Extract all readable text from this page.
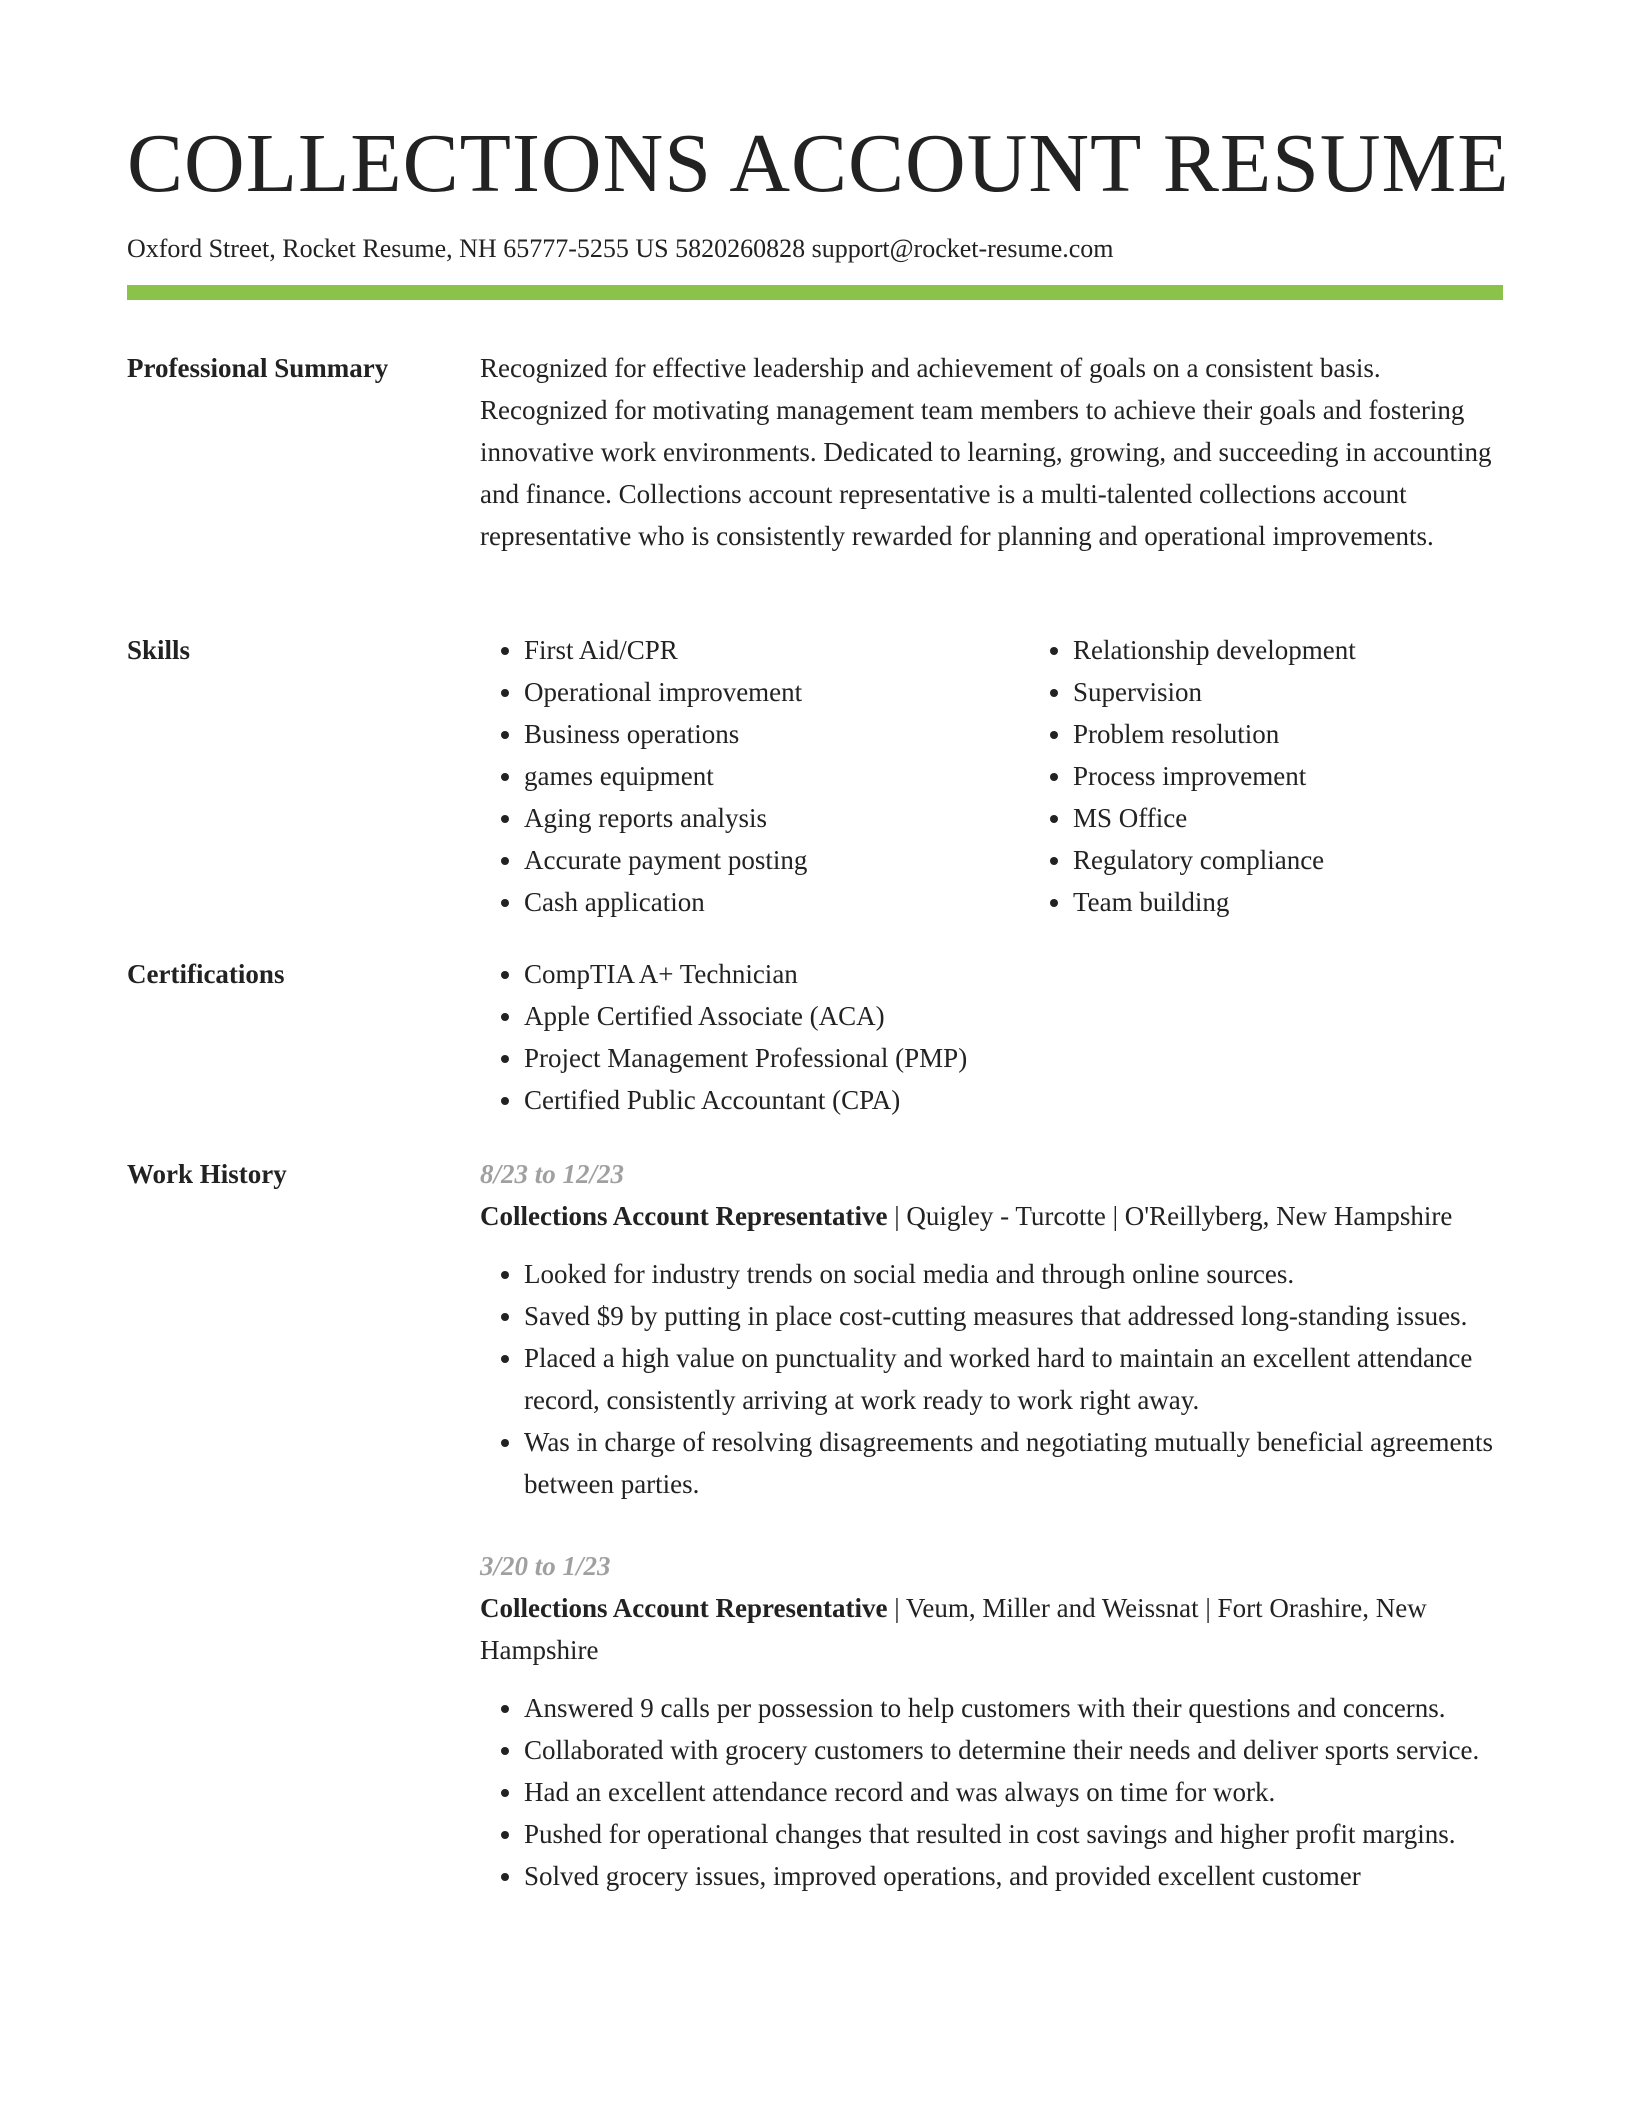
COLLECTIONS ACCOUNT RESUME
Oxford Street, Rocket Resume, NH 65777-5255 US 5820260828 support@rocket-resume.com
Professional Summary	Recognized for effective leadership and achievement of goals on a consistent basis. Recognized for motivating management team members to achieve their goals and fostering innovative work environments. Dedicated to learning, growing, and succeeding in accounting and finance. Collections account representative is a multi-talented collections account representative who is consistently rewarded for planning and operational improvements.

Skills	• First Aid/CPR
• Operational improvement
• Business operations
• games equipment
• Aging reports analysis
• Accurate payment posting
• Cash application
• Relationship development
• Supervision
• Problem resolution
• Process improvement
• MS Office
• Regulatory compliance
• Team building
Certifications	• CompTIA A+ Technician
• Apple Certified Associate (ACA)
• Project Management Professional (PMP)
• Certified Public Accountant (CPA)
Work History	8/23 to 12/23
Collections Account Representative | Quigley - Turcotte | O'Reillyberg, New Hampshire
• Looked for industry trends on social media and through online sources.
• Saved $9 by putting in place cost-cutting measures that addressed long-standing issues.
• Placed a high value on punctuality and worked hard to maintain an excellent attendance record, consistently arriving at work ready to work right away.
• Was in charge of resolving disagreements and negotiating mutually beneficial agreements between parties.
3/20 to 1/23
Collections Account Representative | Veum, Miller and Weissnat | Fort Orashire, New Hampshire
• Answered 9 calls per possession to help customers with their questions and concerns.
• Collaborated with grocery customers to determine their needs and deliver sports service.
• Had an excellent attendance record and was always on time for work.
• Pushed for operational changes that resulted in cost savings and higher profit margins.
• Solved grocery issues, improved operations, and provided excellent customer
